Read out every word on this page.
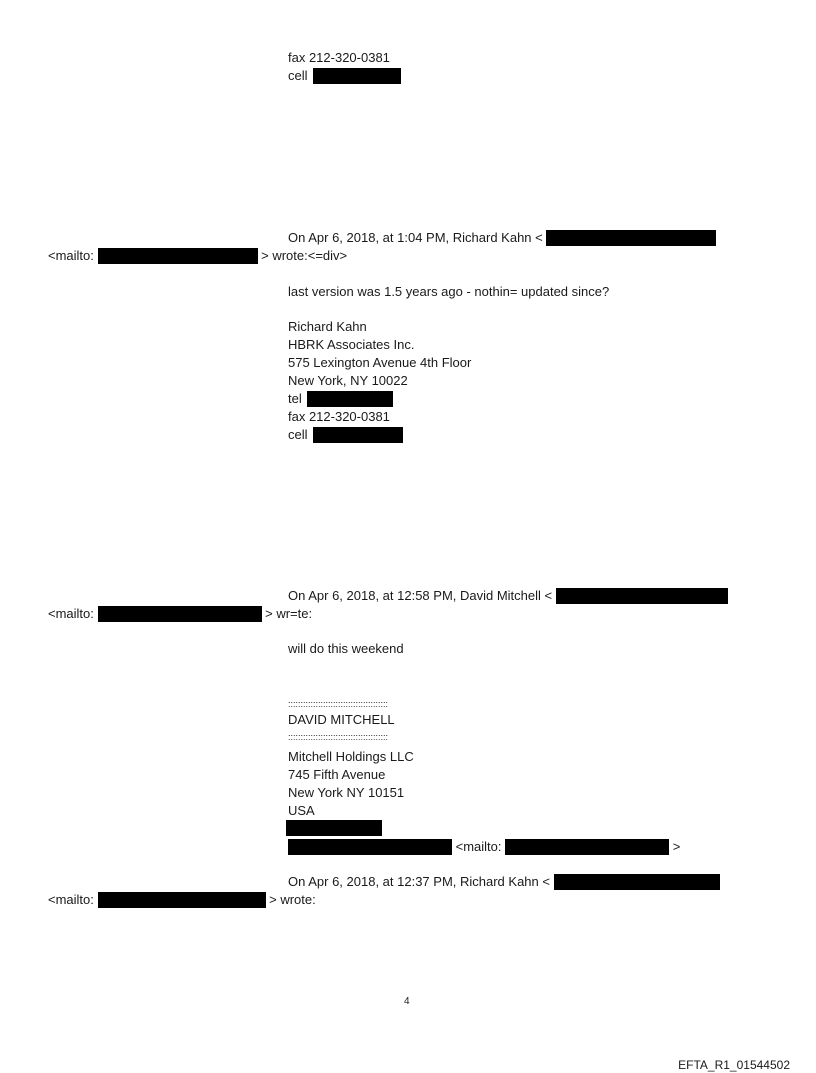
fax 212-320-0381
cell
On Apr 6, 2018, at 1:04 PM, Richard Kahn <
<mailto:	> wrote:<=div>
last version was 1.5 years ago - nothin= updated since?
Richard Kahn
HBRK Associates Inc.
575 Lexington Avenue 4th Floor
New York, NY 10022
tel
fax 212-320-0381
cell
On Apr 6, 2018, at 12:58 PM, David Mitchell <
<mailto:	> wr=te:
will do this weekend
::::::::::::::::::::::::::::::::::::::::
DAVID MITCHELL
::::::::::::::::::::::::::::::::::::::::
Mitchell Holdings LLC
745 Fifth Avenue
New York NY 10151
USA
<mailto:	>
On Apr 6, 2018, at 12:37 PM, Richard Kahn <
<mailto:	> wrote:
4
EFTA_R1_01544502
